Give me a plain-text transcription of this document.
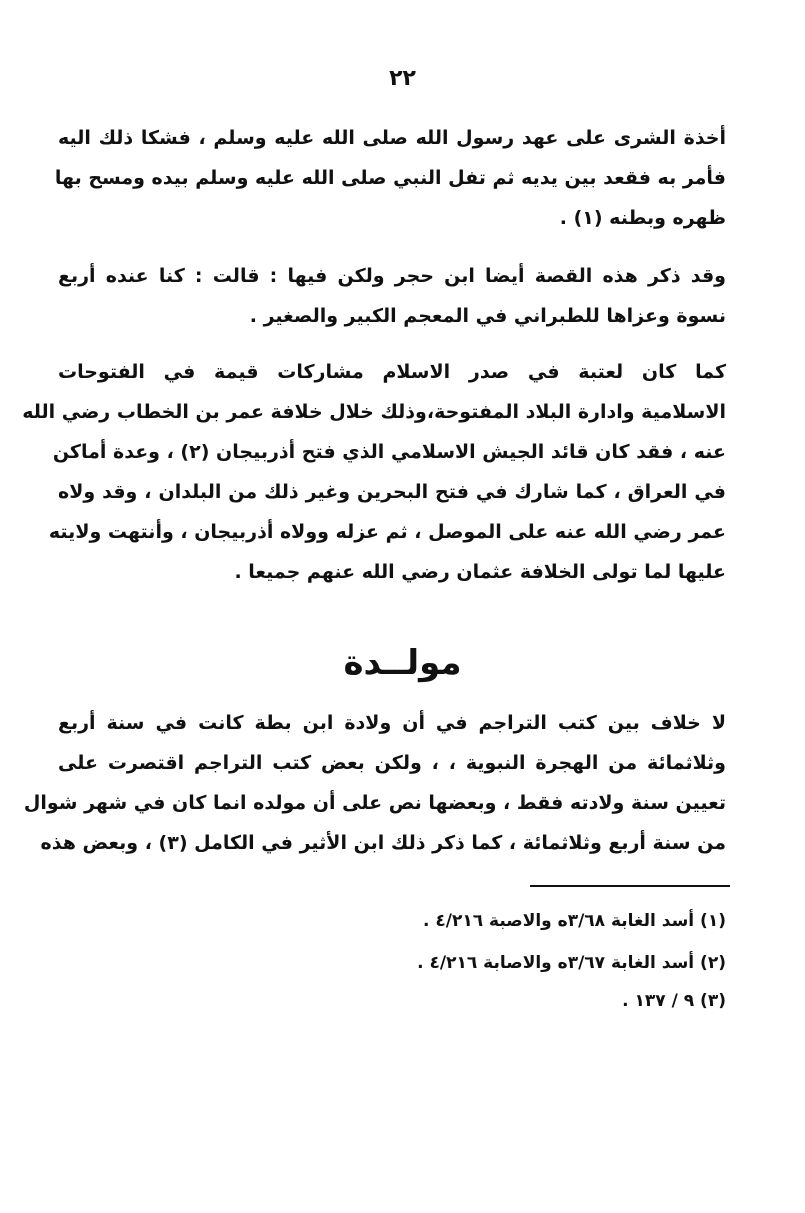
٢٢
أخذة الشرى على عهد رسول الله صلى الله عليه وسلم ، فشكا ذلك اليه
فأمر به فقعد بين يديه ثم تفل النبي صلى الله عليه وسلم بيده ومسح بها
ظهره وبطنه (١) .
وقد ذكر هذه القصة أيضا ابن حجر ولكن فيها : قالت : كنا عنده أربع
نسوة وعزاها للطبراني في المعجم الكبير والصغير .
كما كان لعتبة في صدر الاسلام مشاركات قيمة في الفتوحات
الاسلامية وادارة البلاد المفتوحة،وذلك خلال خلافة عمر بن الخطاب رضي الله
عنه ، فقد كان قائد الجيش الاسلامي الذي فتح أذربيجان (٢) ، وعدة أماكن
في العراق ، كما شارك في فتح البحرين وغير ذلك من البلدان ، وقد ولاه
عمر رضي الله عنه على الموصل ، ثم عزله وولاه أذربيجان ، وأنتهت ولايته
عليها لما تولى الخلافة عثمان رضي الله عنهم جميعا .
مولــدة
لا خلاف بين كتب التراجم في أن ولادة ابن بطة كانت في سنة أربع
وثلاثمائة من الهجرة النبوية ، ، ولكن بعض كتب التراجم اقتصرت على
تعيين سنة ولادته فقط ، وبعضها نص على أن مولده انما كان في شهر شوال
من سنة أربع وثلاثمائة ، كما ذكر ذلك ابن الأثير في الكامل (٣) ، وبعض هذه
(١) أسد الغابة ٣/٦٨ه والاصبة ٤/٢١٦ .
(٢) أسد الغابة ٣/٦٧ه والاصابة ٤/٢١٦ .
(٣) ٩ / ١٣٧ .
